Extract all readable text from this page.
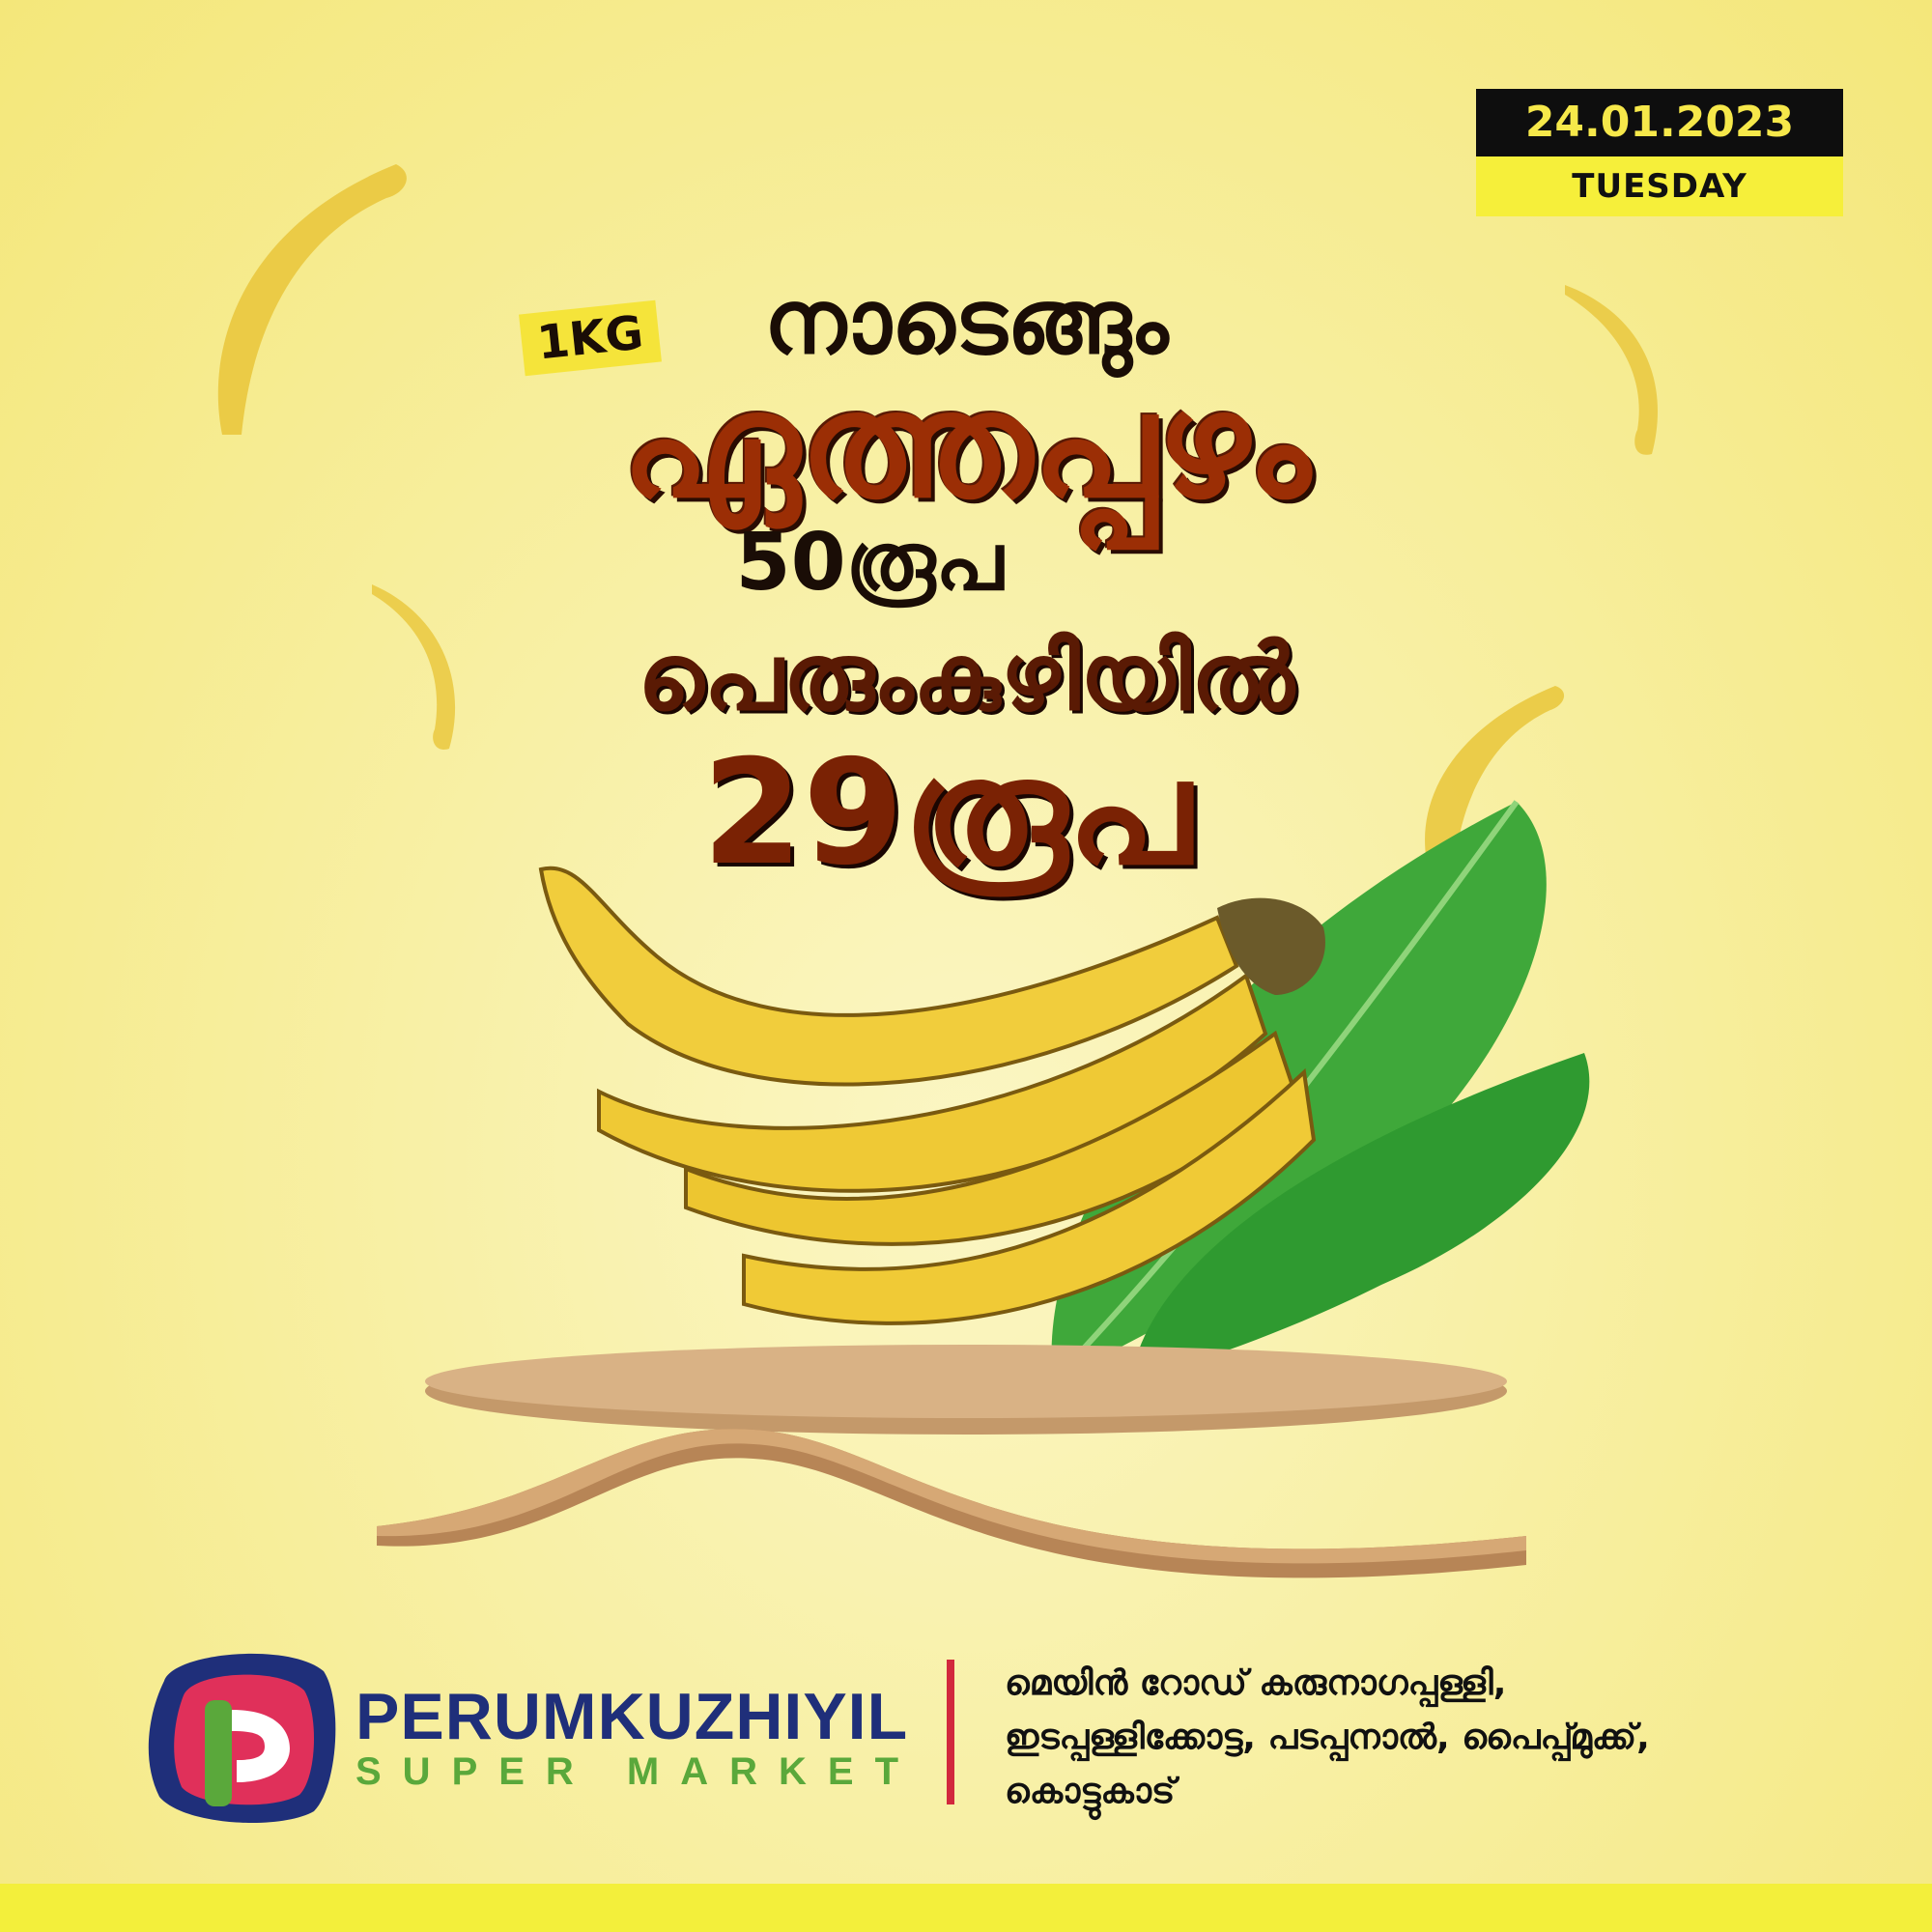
24.01.2023
TUESDAY
നാടെങ്ങും
1KG
ഏത്തപ്പഴം
50രൂപ
പെരുംകുഴിയിൽ
29രൂപ
PERUMKUZHIYIL
SUPER MARKET
മെയിൻ റോഡ് കരുനാഗപ്പള്ളി,
ഇടപ്പള്ളിക്കോട്ട, പടപ്പനാൽ, പൈപ്പ്മുക്ക്,
കൊട്ടുകാട്
